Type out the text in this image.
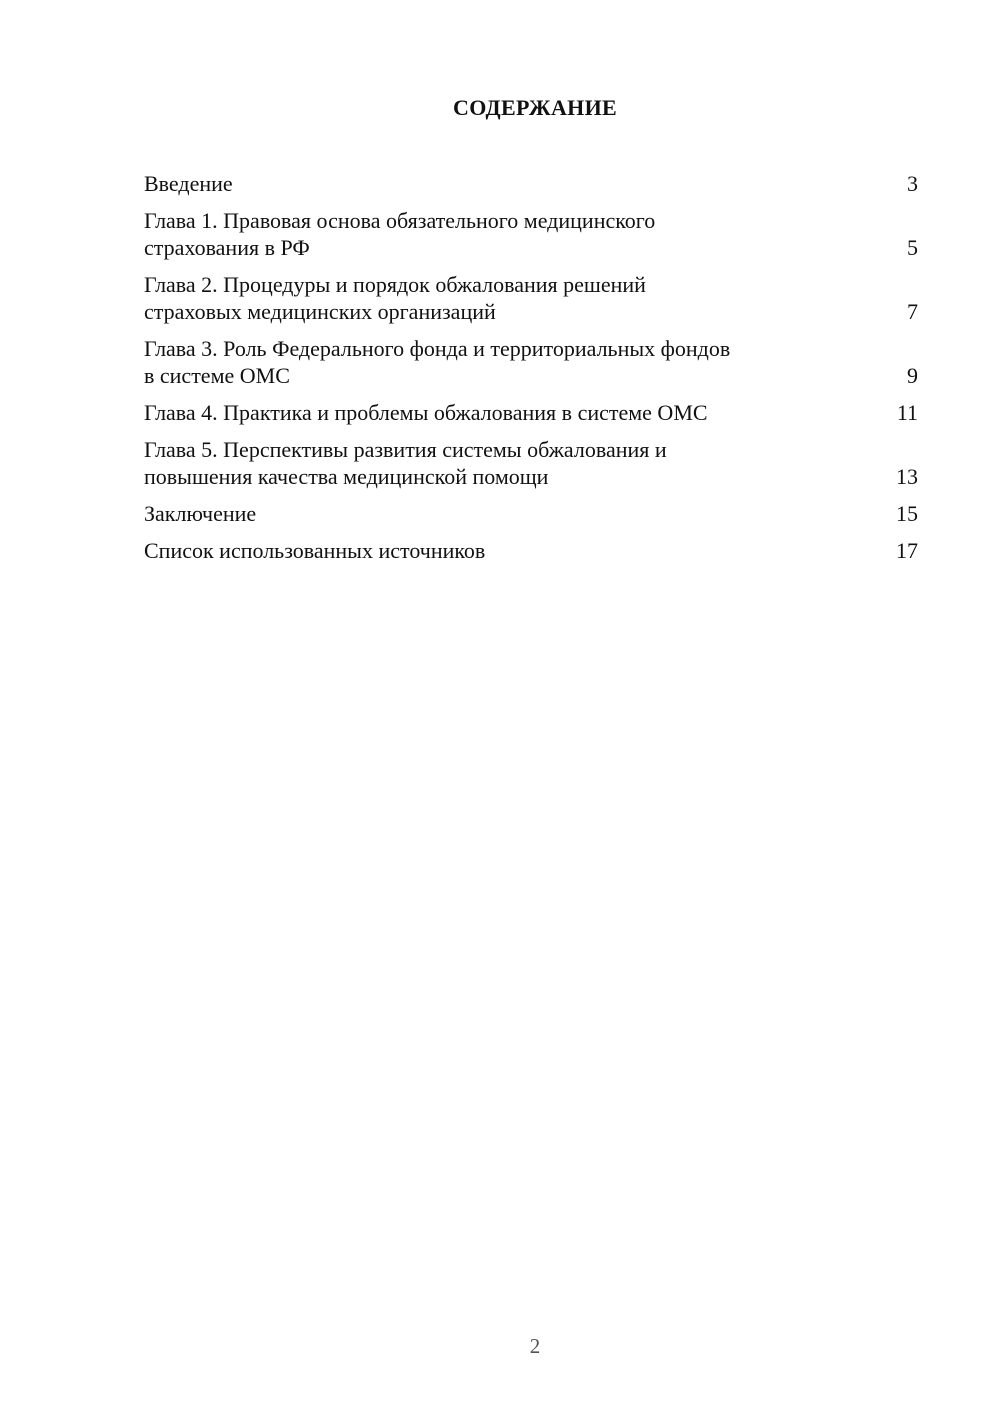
СОДЕРЖАНИЕ
Введение	3
Глава 1. Правовая основа обязательного медицинского
страхования в РФ	5
Глава 2. Процедуры и порядок обжалования решений
страховых медицинских организаций	7
Глава 3. Роль Федерального фонда и территориальных фондов
в системе ОМС	9
Глава 4. Практика и проблемы обжалования в системе ОМС	11
Глава 5. Перспективы развития системы обжалования и
повышения качества медицинской помощи	13
Заключение	15
Список использованных источников	17
2
